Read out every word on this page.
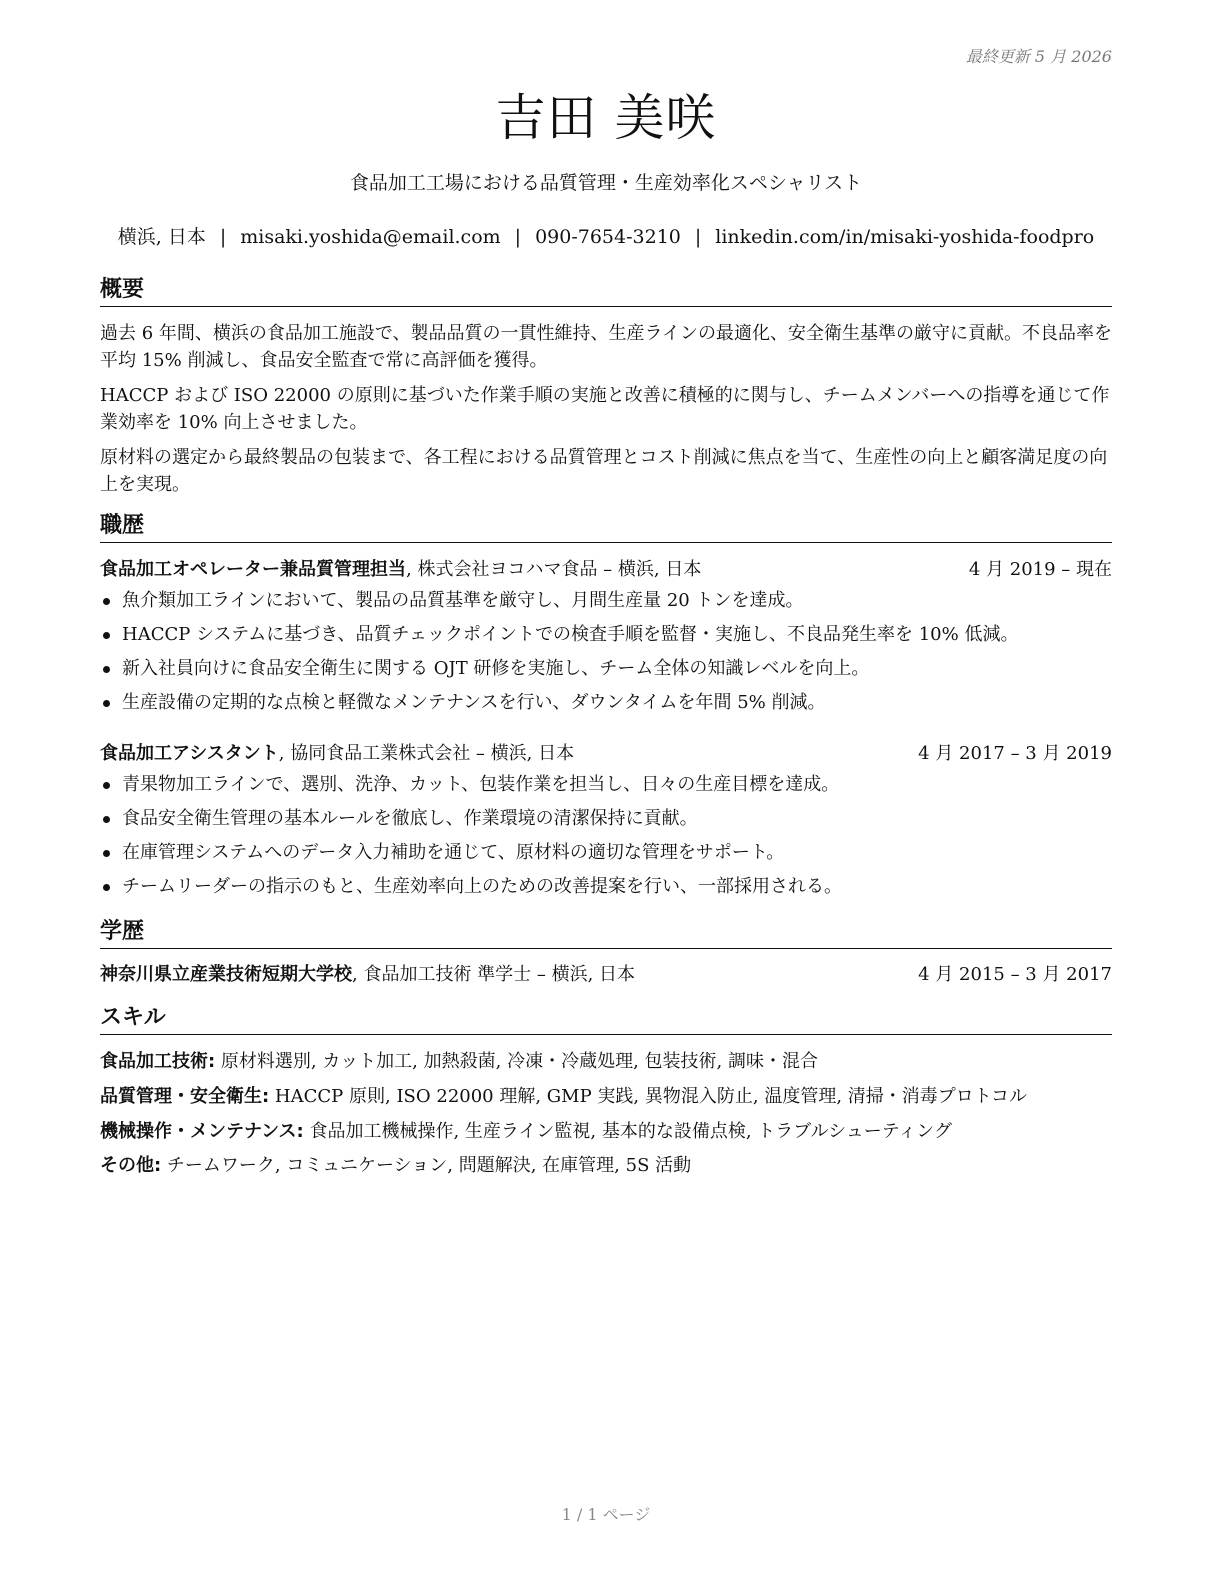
最終更新 5 月 2026
吉田 美咲
食品加工工場における品質管理・生産効率化スペシャリスト
横浜, 日本 | misaki.yoshida@email.com | 090-7654-3210 | linkedin.com/in/misaki-yoshida-foodpro
概要
過去 6 年間、横浜の食品加工施設で、製品品質の一貫性維持、生産ラインの最適化、安全衛生基準の厳守に貢献。不良品率を平均 15% 削減し、食品安全監査で常に高評価を獲得。
HACCP および ISO 22000 の原則に基づいた作業手順の実施と改善に積極的に関与し、チームメンバーへの指導を通じて作業効率を 10% 向上させました。
原材料の選定から最終製品の包装まで、各工程における品質管理とコスト削減に焦点を当て、生産性の向上と顧客満足度の向上を実現。
職歴
食品加工オペレーター兼品質管理担当, 株式会社ヨコハマ食品 – 横浜, 日本	4 月 2019 – 現在
魚介類加工ラインにおいて、製品の品質基準を厳守し、月間生産量 20 トンを達成。
HACCP システムに基づき、品質チェックポイントでの検査手順を監督・実施し、不良品発生率を 10% 低減。
新入社員向けに食品安全衛生に関する OJT 研修を実施し、チーム全体の知識レベルを向上。
生産設備の定期的な点検と軽微なメンテナンスを行い、ダウンタイムを年間 5% 削減。
食品加工アシスタント, 協同食品工業株式会社 – 横浜, 日本	4 月 2017 – 3 月 2019
青果物加工ラインで、選別、洗浄、カット、包装作業を担当し、日々の生産目標を達成。
食品安全衛生管理の基本ルールを徹底し、作業環境の清潔保持に貢献。
在庫管理システムへのデータ入力補助を通じて、原材料の適切な管理をサポート。
チームリーダーの指示のもと、生産効率向上のための改善提案を行い、一部採用される。
学歴
神奈川県立産業技術短期大学校, 食品加工技術 準学士 – 横浜, 日本	4 月 2015 – 3 月 2017
スキル
食品加工技術: 原材料選別, カット加工, 加熱殺菌, 冷凍・冷蔵処理, 包装技術, 調味・混合
品質管理・安全衛生: HACCP 原則, ISO 22000 理解, GMP 実践, 異物混入防止, 温度管理, 清掃・消毒プロトコル
機械操作・メンテナンス: 食品加工機械操作, 生産ライン監視, 基本的な設備点検, トラブルシューティング
その他: チームワーク, コミュニケーション, 問題解決, 在庫管理, 5S 活動
1 / 1 ページ
